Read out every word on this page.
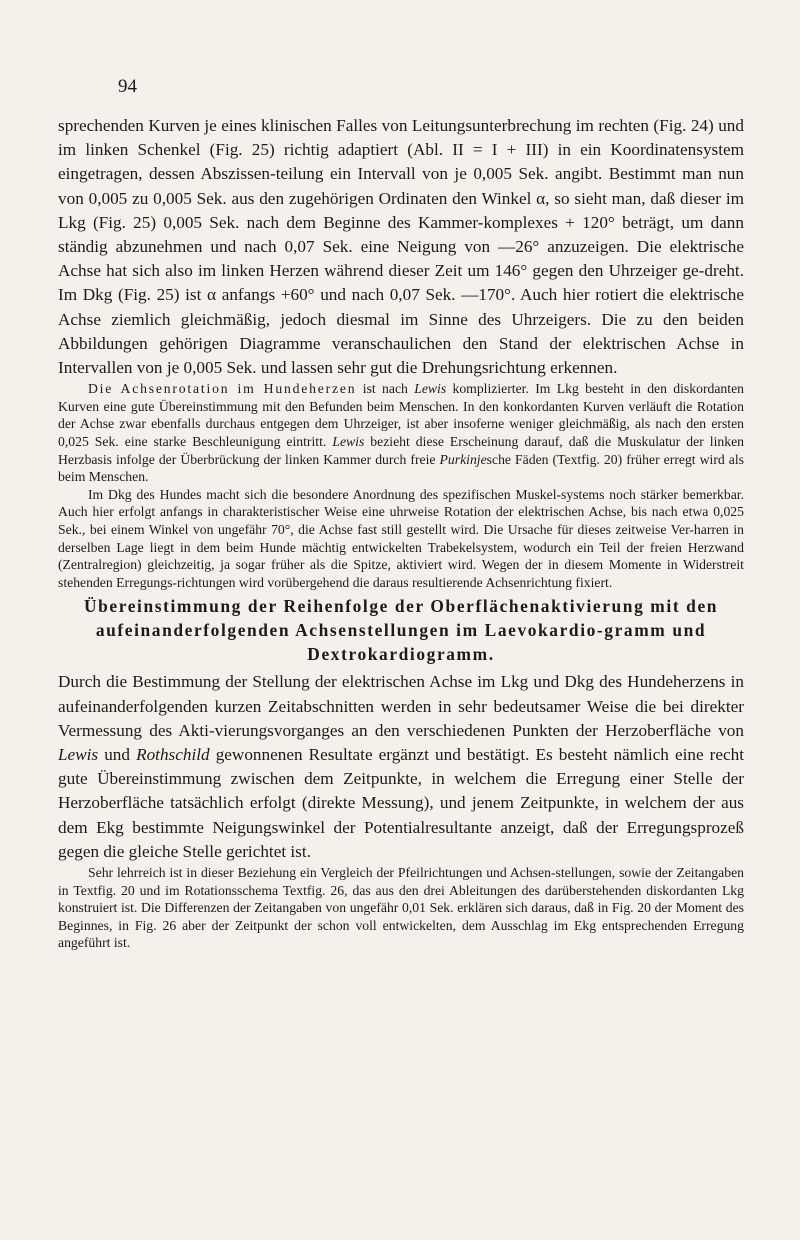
94

sprechenden Kurven je eines klinischen Falles von Leitungsunterbrechung im rechten (Fig. 24) und im linken Schenkel (Fig. 25) richtig adaptiert (Abl. II = I + III) in ein Koordinatensystem eingetragen, dessen Abszissen-teilung ein Intervall von je 0,005 Sek. angibt. Bestimmt man nun von 0,005 zu 0,005 Sek. aus den zugehörigen Ordinaten den Winkel α, so sieht man, daß dieser im Lkg (Fig. 25) 0,005 Sek. nach dem Beginne des Kammer-komplexes + 120° beträgt, um dann ständig abzunehmen und nach 0,07 Sek. eine Neigung von —26° anzuzeigen. Die elektrische Achse hat sich also im linken Herzen während dieser Zeit um 146° gegen den Uhrzeiger ge-dreht. Im Dkg (Fig. 25) ist α anfangs +60° und nach 0,07 Sek. —170°. Auch hier rotiert die elektrische Achse ziemlich gleichmäßig, jedoch diesmal im Sinne des Uhrzeigers. Die zu den beiden Abbildungen gehörigen Diagramme veranschaulichen den Stand der elektrischen Achse in Intervallen von je 0,005 Sek. und lassen sehr gut die Drehungsrichtung erkennen.

Die Achsenrotation im Hundeherzen ist nach Lewis komplizierter. Im Lkg besteht in den diskordanten Kurven eine gute Übereinstimmung mit den Befunden beim Menschen. In den konkordanten Kurven verläuft die Rotation der Achse zwar ebenfalls durchaus entgegen dem Uhrzeiger, ist aber insoferne weniger gleichmäßig, als nach den ersten 0,025 Sek. eine starke Beschleunigung eintritt. Lewis bezieht diese Erscheinung darauf, daß die Muskulatur der linken Herzbasis infolge der Überbrückung der linken Kammer durch freie Purkinjesche Fäden (Textfig. 20) früher erregt wird als beim Menschen.

Im Dkg des Hundes macht sich die besondere Anordnung des spezifischen Muskel-systems noch stärker bemerkbar. Auch hier erfolgt anfangs in charakteristischer Weise eine uhrweise Rotation der elektrischen Achse, bis nach etwa 0,025 Sek., bei einem Winkel von ungefähr 70°, die Achse fast still gestellt wird. Die Ursache für dieses zeitweise Ver-harren in derselben Lage liegt in dem beim Hunde mächtig entwickelten Trabekelsystem, wodurch ein Teil der freien Herzwand (Zentralregion) gleichzeitig, ja sogar früher als die Spitze, aktiviert wird. Wegen der in diesem Momente in Widerstreit stehenden Erregungs-richtungen wird vorübergehend die daraus resultierende Achsenrichtung fixiert.

Übereinstimmung der Reihenfolge der Oberflächenaktivierung mit den aufeinanderfolgenden Achsenstellungen im Laevokardio-gramm und Dextrokardiogramm.

Durch die Bestimmung der Stellung der elektrischen Achse im Lkg und Dkg des Hundeherzens in aufeinanderfolgenden kurzen Zeitabschnitten werden in sehr bedeutsamer Weise die bei direkter Vermessung des Akti-vierungsvorganges an den verschiedenen Punkten der Herzoberfläche von Lewis und Rothschild gewonnenen Resultate ergänzt und bestätigt. Es besteht nämlich eine recht gute Übereinstimmung zwischen dem Zeitpunkte, in welchem die Erregung einer Stelle der Herzoberfläche tatsächlich erfolgt (direkte Messung), und jenem Zeitpunkte, in welchem der aus dem Ekg bestimmte Neigungswinkel der Potentialresultante anzeigt, daß der Erregungsprozeß gegen die gleiche Stelle gerichtet ist.

Sehr lehrreich ist in dieser Beziehung ein Vergleich der Pfeilrichtungen und Achsen-stellungen, sowie der Zeitangaben in Textfig. 20 und im Rotationsschema Textfig. 26, das aus den drei Ableitungen des darüberstehenden diskordanten Lkg konstruiert ist. Die Differenzen der Zeitangaben von ungefähr 0,01 Sek. erklären sich daraus, daß in Fig. 20 der Moment des Beginnes, in Fig. 26 aber der Zeitpunkt der schon voll entwickelten, dem Ausschlag im Ekg entsprechenden Erregung angeführt ist.
